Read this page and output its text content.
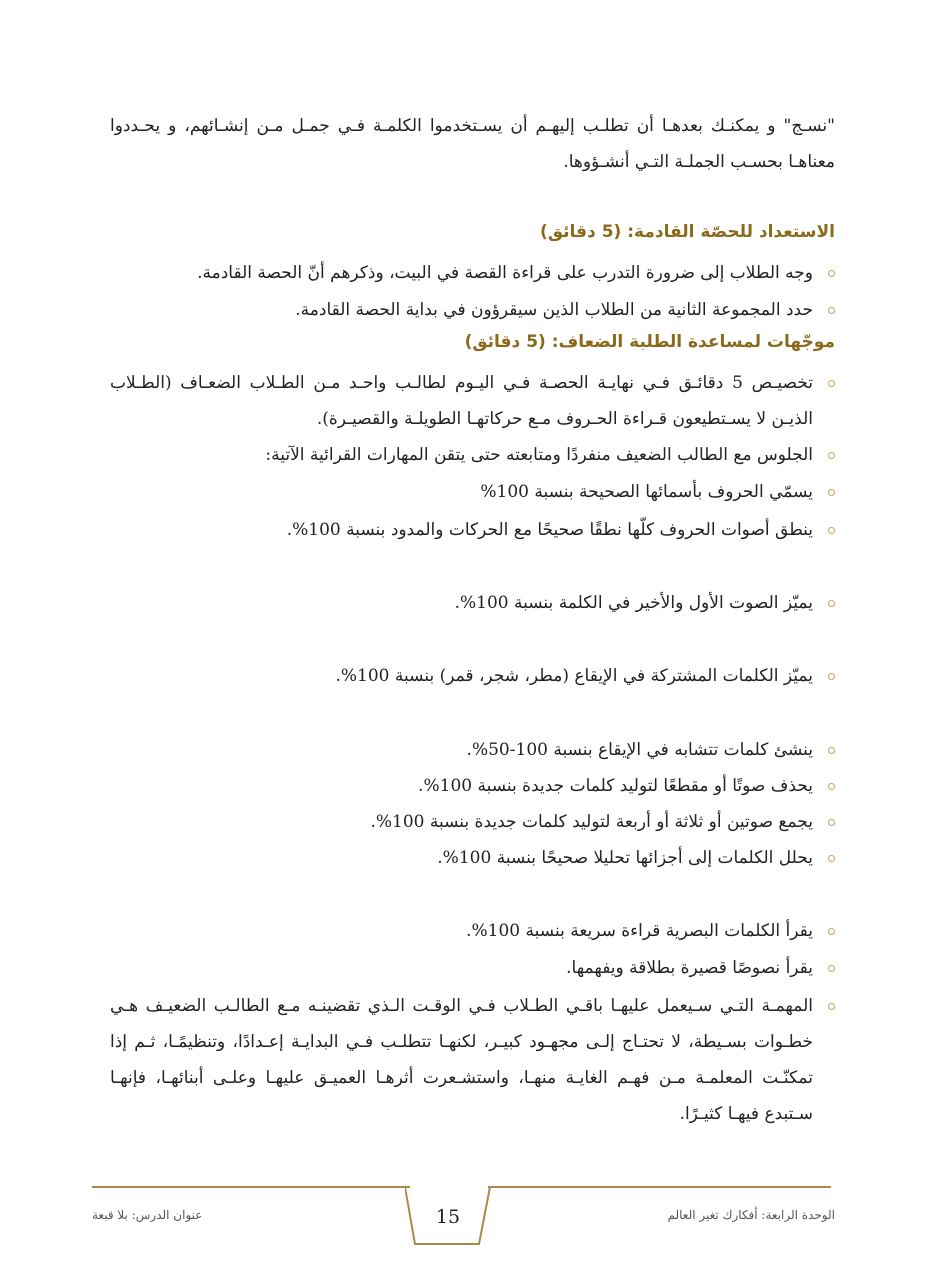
"نسـج" و يمكنـك بعدهـا أن تطلـب إليهـم أن يسـتخدموا الكلمـة فـي جمـل مـن إنشـائهم، و يحـددوا معناهـا بحسـب الجملـة التـي أنشـؤوها.

الاستعداد للحصّة القادمة: (5 دقائق)
وجه الطلاب إلى ضرورة التدرب على قراءة القصة في البيت، وذكرهم أنّ الحصة القادمة.
حدد المجموعة الثانية من الطلاب الذين سيقرؤون في بداية الحصة القادمة.
موجّهات لمساعدة الطلبة الضعاف: (5 دقائق)
تخصيـص 5 دقائـق فـي نهايـة الحصـة فـي اليـوم لطالـب واحـد مـن الطـلاب الضعـاف (الطـلاب الذيـن لا يسـتطيعون قـراءة الحـروف مـع حركاتهـا الطويلـة والقصيـرة).
الجلوس مع الطالب الضعيف منفردًا ومتابعته حتى يتقن المهارات القرائية الآتية:
يسمّي الحروف بأسمائها الصحيحة بنسبة 100%
ينطق أصوات الحروف كلّها نطقًا صحيحًا مع الحركات والمدود بنسبة 100%.
يميّز الصوت الأول والأخير في الكلمة بنسبة 100%.
يميّز الكلمات المشتركة في الإيقاع (مطر، شجر، قمر) بنسبة 100%.
ينشئ كلمات تتشابه في الإيقاع بنسبة 100-50%.
يحذف صوتًا أو مقطعًا لتوليد كلمات جديدة بنسبة 100%.
يجمع صوتين أو ثلاثة أو أربعة لتوليد كلمات جديدة بنسبة 100%.
يحلل الكلمات إلى أجزائها تحليلا صحيحًا بنسبة 100%.
يقرأ الكلمات البصرية قراءة سريعة بنسبة 100%.
يقرأ نصوصًا قصيرة بطلاقة ويفهمها.
المهمـة التـي سـيعمل عليهـا باقـي الطـلاب فـي الوقـت الـذي تقضينـه مـع الطالـب الضعيـف هـي خطـوات بسـيطة، لا تحتـاج إلـى مجهـود كبيـر، لكنهـا تتطلـب فـي البدايـة إعـدادًا، وتنظيمًـا، ثـم إذا تمكنّـت المعلمـة مـن فهـم الغايـة منهـا، واستشـعرت أثرهـا العميـق عليهـا وعلـى أبنائهـا، فإنهـا سـتبدع فيهـا كثيـرًا.
15	الوحدة الرابعة: أفكارك تغير العالم
عنوان الدرس: بلا قبعة
